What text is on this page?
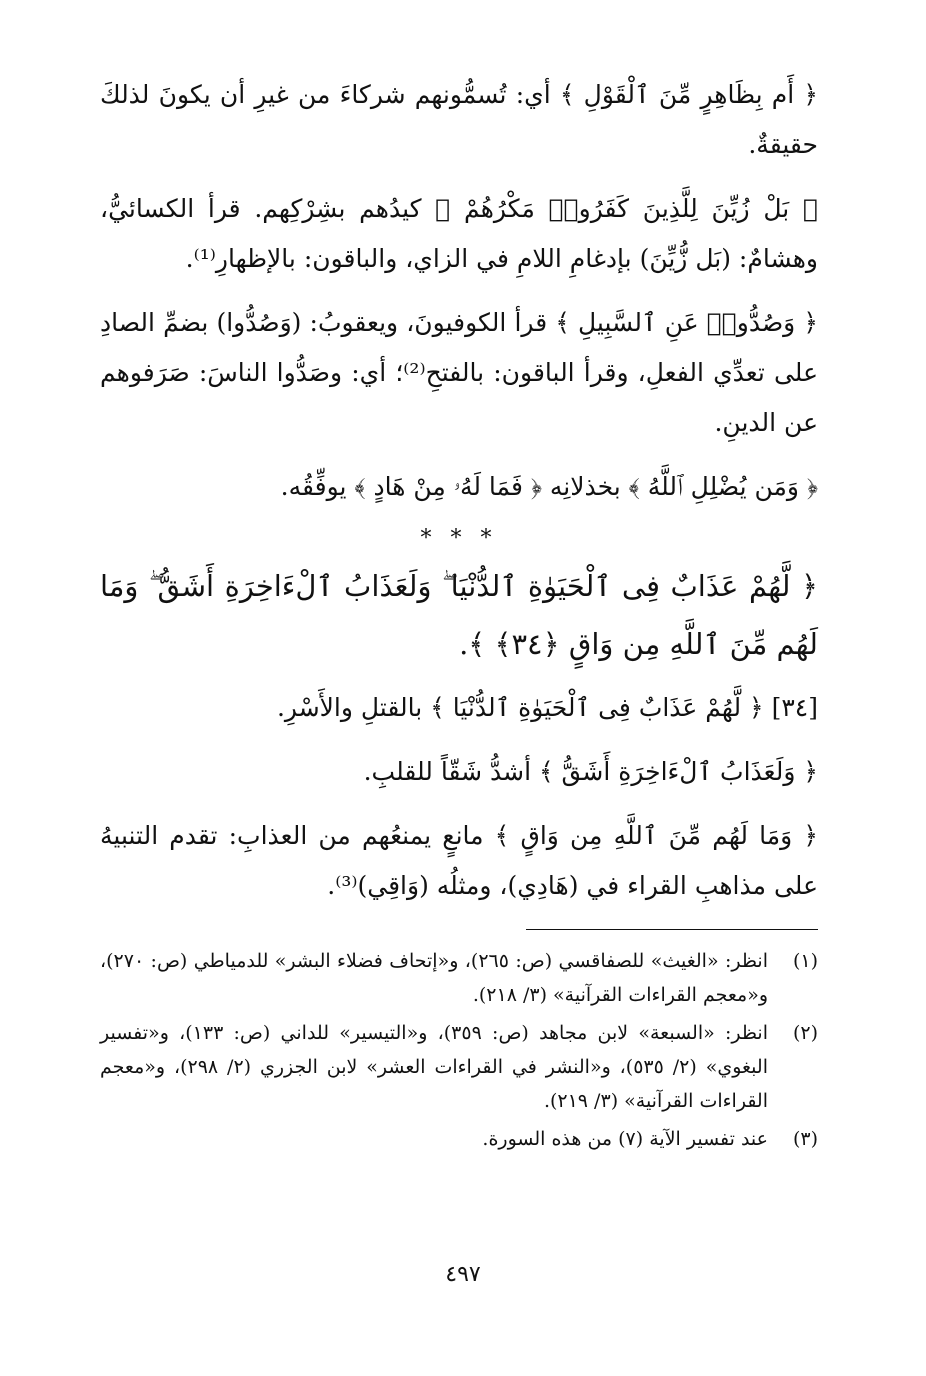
﴿ أَم بِظَاهِرٍ مِّنَ ٱلْقَوْلِ ﴾ أي: تُسمُّونهم شركاءَ من غيرِ أن يكونَ لذلكَ حقيقةٌ.

﴿ بَلْ زُيِّنَ لِلَّذِينَ كَفَرُوا۟ مَكْرُهُمْ ﴾ كيدُهم بشِرْكِهم. قرأ الكسائيُّ، وهشامٌ: (بَل زُّيِّنَ) بإدغامِ اللامِ في الزاي، والباقون: بالإظهارِ⁽¹⁾.

﴿ وَصُدُّوا۟ عَنِ ٱلسَّبِيلِ ﴾ قرأ الكوفيونَ، ويعقوبُ: (وَصُدُّوا) بضمِّ الصادِ على تعدِّي الفعلِ، وقرأ الباقون: بالفتحِ⁽²⁾؛ أي: وصَدُّوا الناسَ: صَرَفوهم عن الدينِ.

﴿ وَمَن يُضْلِلِ ٱللَّهُ ﴾ بخذلانِه ﴿ فَمَا لَهُۥ مِنْ هَادٍ ﴾ يوفِّقُه.

* * *

﴿ لَّهُمْ عَذَابٌ فِى ٱلْحَيَوٰةِ ٱلدُّنْيَا ۖ وَلَعَذَابُ ٱلْءَاخِرَةِ أَشَقُّ ۖ وَمَا لَهُم مِّنَ ٱللَّهِ مِن وَاقٍ ﴿٣٤﴾ ﴾.

[٣٤] ﴿ لَّهُمْ عَذَابٌ فِى ٱلْحَيَوٰةِ ٱلدُّنْيَا ﴾ بالقتلِ والأَسْرِ.

﴿ وَلَعَذَابُ ٱلْءَاخِرَةِ أَشَقُّ ﴾ أشدُّ شَقّاً للقلبِ.

﴿ وَمَا لَهُم مِّنَ ٱللَّهِ مِن وَاقٍ ﴾ مانعٍ يمنعُهم من العذابِ: تقدم التنبيهُ على مذاهبِ القراء في (هَادِي)، ومثلُه (وَاقِي)⁽³⁾.

(١)
انظر: «الغيث» للصفاقسي (ص: ٢٦٥)، و«إتحاف فضلاء البشر» للدمياطي (ص: ٢٧٠)، و«معجم القراءات القرآنية» (٣/ ٢١٨).
(٢)
انظر: «السبعة» لابن مجاهد (ص: ٣٥٩)، و«التيسير» للداني (ص: ١٣٣)، و«تفسير البغوي» (٢/ ٥٣٥)، و«النشر في القراءات العشر» لابن الجزري (٢/ ٢٩٨)، و«معجم القراءات القرآنية» (٣/ ٢١٩).
(٣)
عند تفسير الآية (٧) من هذه السورة.
٤٩٧
